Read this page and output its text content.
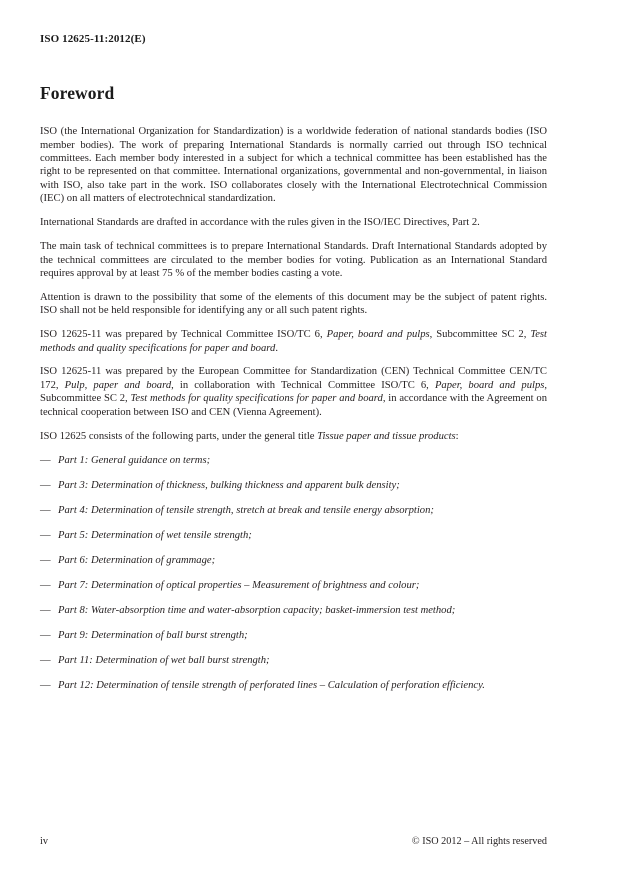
ISO 12625-11:2012(E)
Foreword

ISO (the International Organization for Standardization) is a worldwide federation of national standards bodies (ISO member bodies). The work of preparing International Standards is normally carried out through ISO technical committees. Each member body interested in a subject for which a technical committee has been established has the right to be represented on that committee. International organizations, governmental and non-governmental, in liaison with ISO, also take part in the work. ISO collaborates closely with the International Electrotechnical Commission (IEC) on all matters of electrotechnical standardization.

International Standards are drafted in accordance with the rules given in the ISO/IEC Directives, Part 2.

The main task of technical committees is to prepare International Standards. Draft International Standards adopted by the technical committees are circulated to the member bodies for voting. Publication as an International Standard requires approval by at least 75 % of the member bodies casting a vote.

Attention is drawn to the possibility that some of the elements of this document may be the subject of patent rights. ISO shall not be held responsible for identifying any or all such patent rights.

ISO 12625-11 was prepared by Technical Committee ISO/TC 6, Paper, board and pulps, Subcommittee SC 2, Test methods and quality specifications for paper and board.

ISO 12625-11 was prepared by the European Committee for Standardization (CEN) Technical Committee CEN/TC 172, Pulp, paper and board, in collaboration with Technical Committee ISO/TC 6, Paper, board and pulps, Subcommittee SC 2, Test methods for quality specifications for paper and board, in accordance with the Agreement on technical cooperation between ISO and CEN (Vienna Agreement).

ISO 12625 consists of the following parts, under the general title Tissue paper and tissue products:

— Part 1: General guidance on terms;
— Part 3: Determination of thickness, bulking thickness and apparent bulk density;
— Part 4: Determination of tensile strength, stretch at break and tensile energy absorption;
— Part 5: Determination of wet tensile strength;
— Part 6: Determination of grammage;
— Part 7: Determination of optical properties – Measurement of brightness and colour;
— Part 8: Water-absorption time and water-absorption capacity; basket-immersion test method;
— Part 9: Determination of ball burst strength;
— Part 11: Determination of wet ball burst strength;
— Part 12: Determination of tensile strength of perforated lines – Calculation of perforation efficiency.
iv	© ISO 2012 – All rights reserved
